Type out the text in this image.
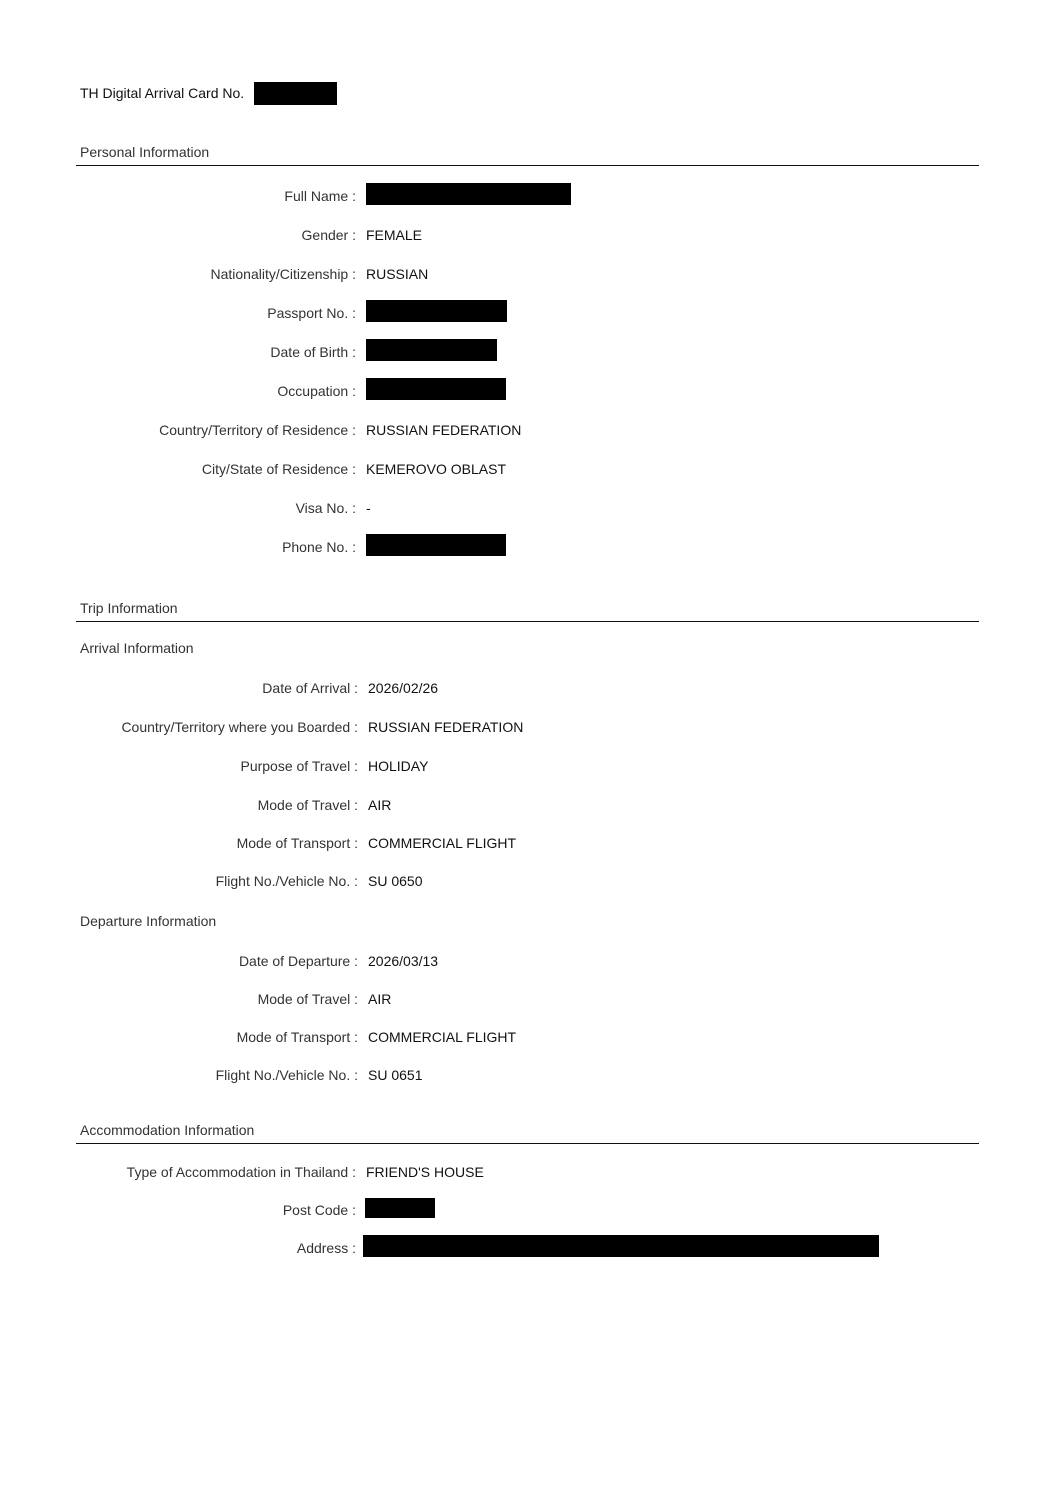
TH Digital Arrival Card No.
Personal Information
Full Name :
Gender : FEMALE
Nationality/Citizenship : RUSSIAN
Passport No. :
Date of Birth :
Occupation :
Country/Territory of Residence : RUSSIAN FEDERATION
City/State of Residence : KEMEROVO OBLAST
Visa No. : -
Phone No. :
Trip Information
Arrival Information
Date of Arrival : 2026/02/26
Country/Territory where you Boarded : RUSSIAN FEDERATION
Purpose of Travel : HOLIDAY
Mode of Travel : AIR
Mode of Transport : COMMERCIAL FLIGHT
Flight No./Vehicle No. : SU 0650
Departure Information
Date of Departure : 2026/03/13
Mode of Travel : AIR
Mode of Transport : COMMERCIAL FLIGHT
Flight No./Vehicle No. : SU 0651
Accommodation Information
Type of Accommodation in Thailand : FRIEND'S HOUSE
Post Code :
Address :
